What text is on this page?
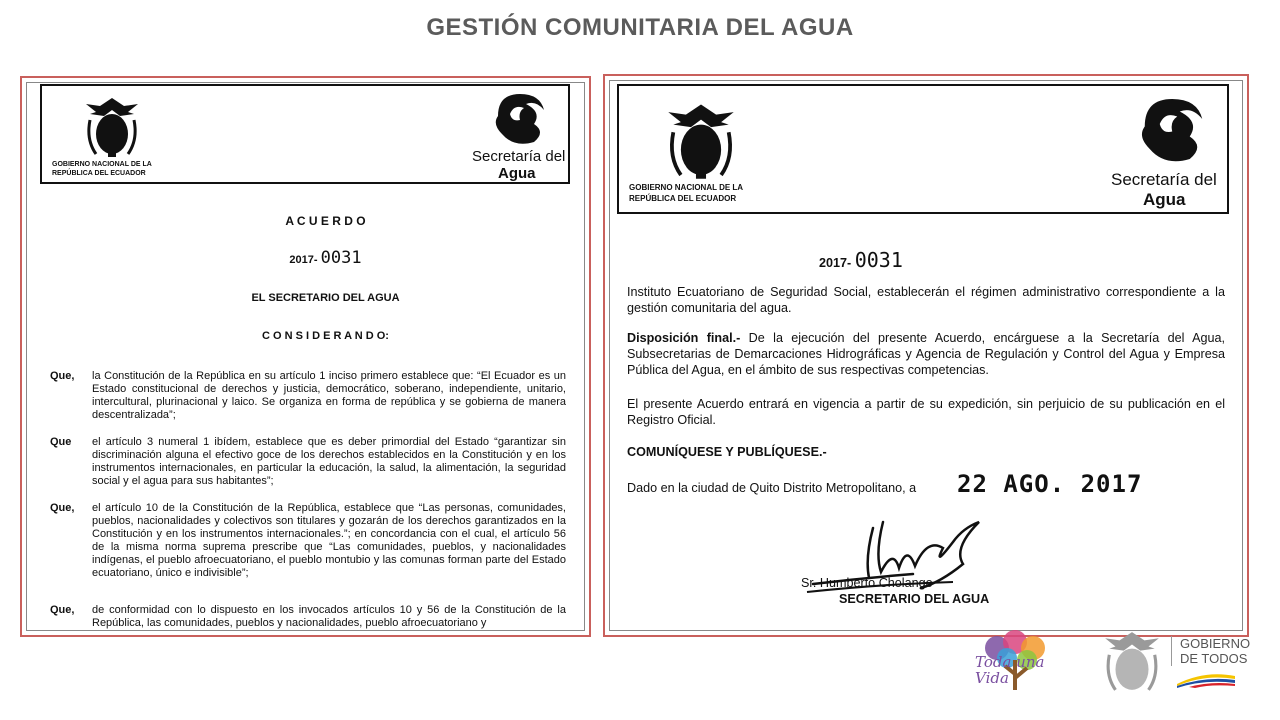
GESTIÓN COMUNITARIA DEL AGUA
GOBIERNO NACIONAL DE LA
REPÚBLICA DEL ECUADOR
Secretaría del
Agua
A C U E R D O
2017- 0031
EL SECRETARIO DEL AGUA
C O N S I D E R A N D O:
Que, la Constitución de la República en su artículo 1 inciso primero establece que: “El Ecuador es un Estado constitucional de derechos y justicia, democrático, soberano, independiente, unitario, intercultural, plurinacional y laico. Se organiza en forma de república y se gobierna de manera descentralizada”;
Que el artículo 3 numeral 1 ibídem, establece que es deber primordial del Estado “garantizar sin discriminación alguna el efectivo goce de los derechos establecidos en la Constitución y en los instrumentos internacionales, en particular la educación, la salud, la alimentación, la seguridad social y el agua para sus habitantes”;
Que, el artículo 10 de la Constitución de la República, establece que “Las personas, comunidades, pueblos, nacionalidades y colectivos son titulares y gozarán de los derechos garantizados en la Constitución y en los instrumentos internacionales.”; en concordancia con el cual, el artículo 56 de la misma norma suprema prescribe que “Las comunidades, pueblos, y nacionalidades indígenas, el pueblo afroecuatoriano, el pueblo montubio y las comunas forman parte del Estado ecuatoriano, único e indivisible”;
Que, de conformidad con lo dispuesto en los invocados artículos 10 y 56 de la Constitución de la República, las comunidades, pueblos y nacionalidades, pueblo afroecuatoriano y
GOBIERNO NACIONAL DE LA
REPÚBLICA DEL ECUADOR
Secretaría del
Agua
2017- 0031
Instituto Ecuatoriano de Seguridad Social, establecerán el régimen administrativo correspondiente a la gestión comunitaria del agua.
Disposición final.- De la ejecución del presente Acuerdo, encárguese a la Secretaría del Agua, Subsecretarias de Demarcaciones Hidrográficas y Agencia de Regulación y Control del Agua y Empresa Pública del Agua, en el ámbito de sus respectivas competencias.
El presente Acuerdo entrará en vigencia a partir de su expedición, sin perjuicio de su publicación en el Registro Oficial.
COMUNÍQUESE Y PUBLÍQUESE.-
Dado en la ciudad de Quito Distrito Metropolitano, a 22 AGO. 2017
Sr. Humberto Cholango
SECRETARIO DEL AGUA
Toda una Vida
GOBIERNO
DE TODOS
